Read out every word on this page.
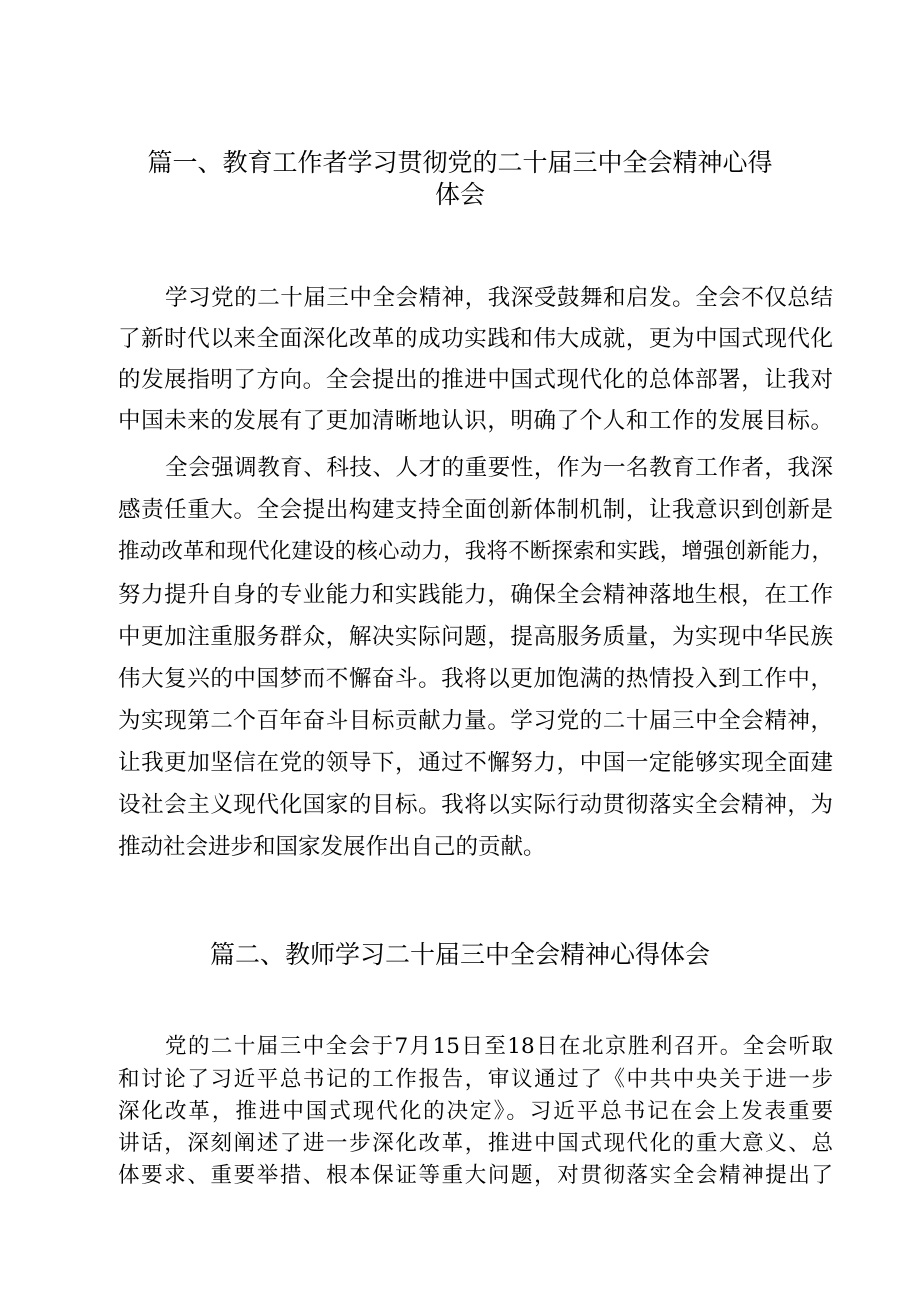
篇一、教育工作者学习贯彻党的二十届三中全会精神心得
体会

学习党的二十届三中全会精神，我深受鼓舞和启发。全会不仅总结

了新时代以来全面深化改革的成功实践和伟大成就，更为中国式现代化

的发展指明了方向。全会提出的推进中国式现代化的总体部署，让我对

中国未来的发展有了更加清晰地认识，明确了个人和工作的发展目标。

全会强调教育、科技、人才的重要性，作为一名教育工作者，我深

感责任重大。全会提出构建支持全面创新体制机制，让我意识到创新是

推动改革和现代化建设的核心动力，我将不断探索和实践，增强创新能力，

努力提升自身的专业能力和实践能力，确保全会精神落地生根，在工作

中更加注重服务群众，解决实际问题，提高服务质量，为实现中华民族

伟大复兴的中国梦而不懈奋斗。我将以更加饱满的热情投入到工作中，

为实现第二个百年奋斗目标贡献力量。学习党的二十届三中全会精神，

让我更加坚信在党的领导下，通过不懈努力，中国一定能够实现全面建

设社会主义现代化国家的目标。我将以实际行动贯彻落实全会精神，为

推动社会进步和国家发展作出自己的贡献。

篇二、教师学习二十届三中全会精神心得体会

党的二十届三中全会于7月15日至18日在北京胜利召开。全会听取

和讨论了习近平总书记的工作报告，审议通过了《中共中央关于进一步

深化改革，推进中国式现代化的决定》。习近平总书记在会上发表重要

讲话，深刻阐述了进一步深化改革，推进中国式现代化的重大意义、总

体要求、重要举措、根本保证等重大问题，对贯彻落实全会精神提出了
